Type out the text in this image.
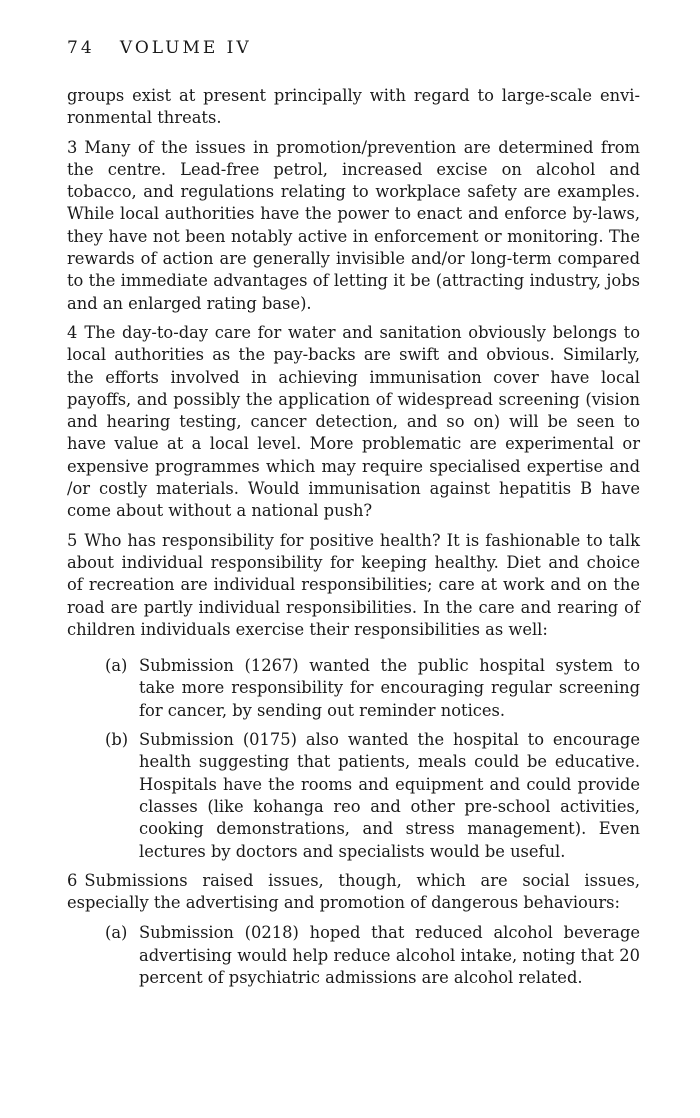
74 VOLUME IV

groups exist at present principally with regard to large-scale environmental threats.

3 Many of the issues in promotion/prevention are determined from the centre. Lead-free petrol, increased excise on alcohol and tobacco, and regulations relating to workplace safety are examples. While local authorities have the power to enact and enforce by-laws, they have not been notably active in enforcement or monitoring. The rewards of action are generally invisible and/or long-term compared to the immediate advantages of letting it be (attracting industry, jobs and an enlarged rating base).

4 The day-to-day care for water and sanitation obviously belongs to local authorities as the pay-backs are swift and obvious. Similarly, the efforts involved in achieving immunisation cover have local payoffs, and possibly the application of widespread screening (vision and hearing testing, cancer detection, and so on) will be seen to have value at a local level. More problematic are experimental or expensive programmes which may require specialised expertise and /or costly materials. Would immunisation against hepatitis B have come about without a national push?

5 Who has responsibility for positive health? It is fashionable to talk about individual responsibility for keeping healthy. Diet and choice of recreation are individual responsibilities; care at work and on the road are partly individual responsibilities. In the care and rearing of children individuals exercise their responsibilities as well:

(a) Submission (1267) wanted the public hospital system to take more responsibility for encouraging regular screening for cancer, by sending out reminder notices.
(b) Submission (0175) also wanted the hospital to encourage health suggesting that patients, meals could be educative. Hospitals have the rooms and equipment and could provide classes (like kohanga reo and other pre-school activities, cooking demonstrations, and stress management). Even lectures by doctors and specialists would be useful.

6 Submissions raised issues, though, which are social issues, especially the advertising and promotion of dangerous behaviours:

(a) Submission (0218) hoped that reduced alcohol beverage advertising would help reduce alcohol intake, noting that 20 percent of psychiatric admissions are alcohol related.
